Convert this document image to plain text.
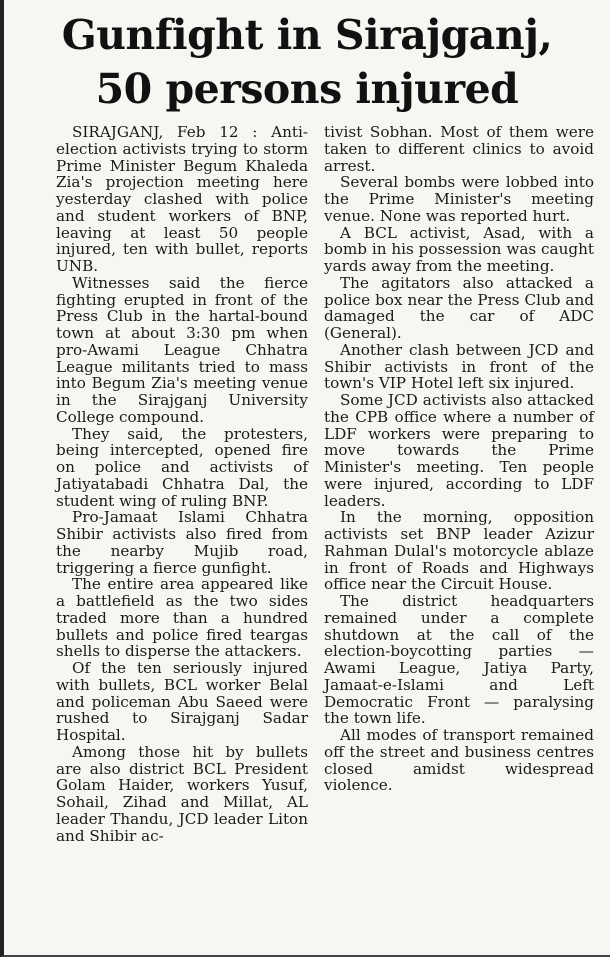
Gunfight in Sirajganj,
50 persons injured

SIRAJGANJ, Feb 12 : Anti-election activists trying to storm Prime Minister Begum Khaleda Zia's projection meeting here yesterday clashed with police and student workers of BNP, leaving at least 50 people injured, ten with bullet, reports UNB.

Witnesses said the fierce fighting erupted in front of the Press Club in the hartal-bound town at about 3:30 pm when pro-Awami League Chhatra League militants tried to mass into Begum Zia's meeting venue in the Sirajganj University College compound.

They said, the protesters, being intercepted, opened fire on police and activists of Jatiyatabadi Chhatra Dal, the student wing of ruling BNP.

Pro-Jamaat Islami Chhatra Shibir activists also fired from the nearby Mujib road, triggering a fierce gunfight.

The entire area appeared like a battlefield as the two sides traded more than a hundred bullets and police fired teargas shells to disperse the attackers.

Of the ten seriously injured with bullets, BCL worker Belal and policeman Abu Saeed were rushed to Sirajganj Sadar Hospital.

Among those hit by bullets are also district BCL President Golam Haider, workers Yusuf, Sohail, Zihad and Millat, AL leader Thandu, JCD leader Liton and Shibir ac-

tivist Sobhan. Most of them were taken to different clinics to avoid arrest.

Several bombs were lobbed into the Prime Minister's meeting venue. None was reported hurt.

A BCL activist, Asad, with a bomb in his possession was caught yards away from the meeting.

The agitators also attacked a police box near the Press Club and damaged the car of ADC (General).

Another clash between JCD and Shibir activists in front of the town's VIP Hotel left six injured.

Some JCD activists also attacked the CPB office where a number of LDF workers were preparing to move towards the Prime Minister's meeting. Ten people were injured, according to LDF leaders.

In the morning, opposition activists set BNP leader Azizur Rahman Dulal's motorcycle ablaze in front of Roads and Highways office near the Circuit House.

The district headquarters remained under a complete shutdown at the call of the election-boycotting parties — Awami League, Jatiya Party, Jamaat-e-Islami and Left Democratic Front — paralysing the town life.

All modes of transport remained off the street and business centres closed amidst widespread violence.
